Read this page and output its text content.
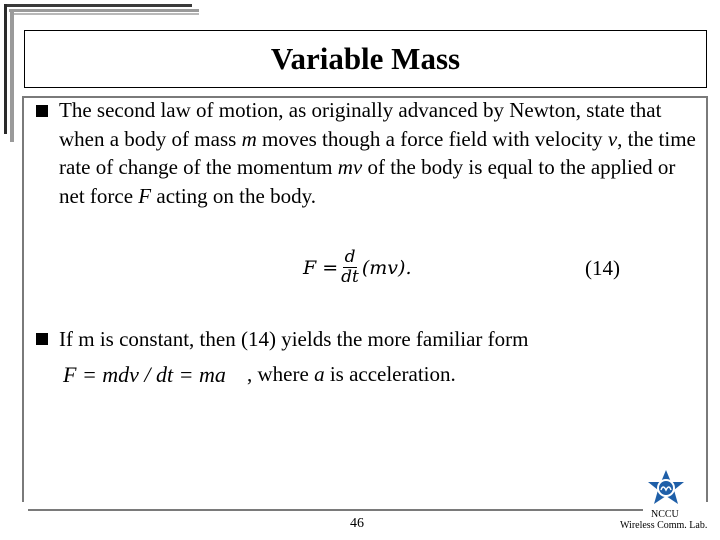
Variable Mass
The second law of motion, as originally advanced by Newton, state that when a body of mass m moves though a force field with velocity v, the time rate of change of the momentum mv of the body is equal to the applied or net force F acting on the body.
$F = \frac{d}{dt} (mv)$.	(14)
If m is constant, then (14) yields the more familiar form
F = mdv / dt = ma , where a is acceleration.
46
NCCU
Wireless Comm. Lab.
